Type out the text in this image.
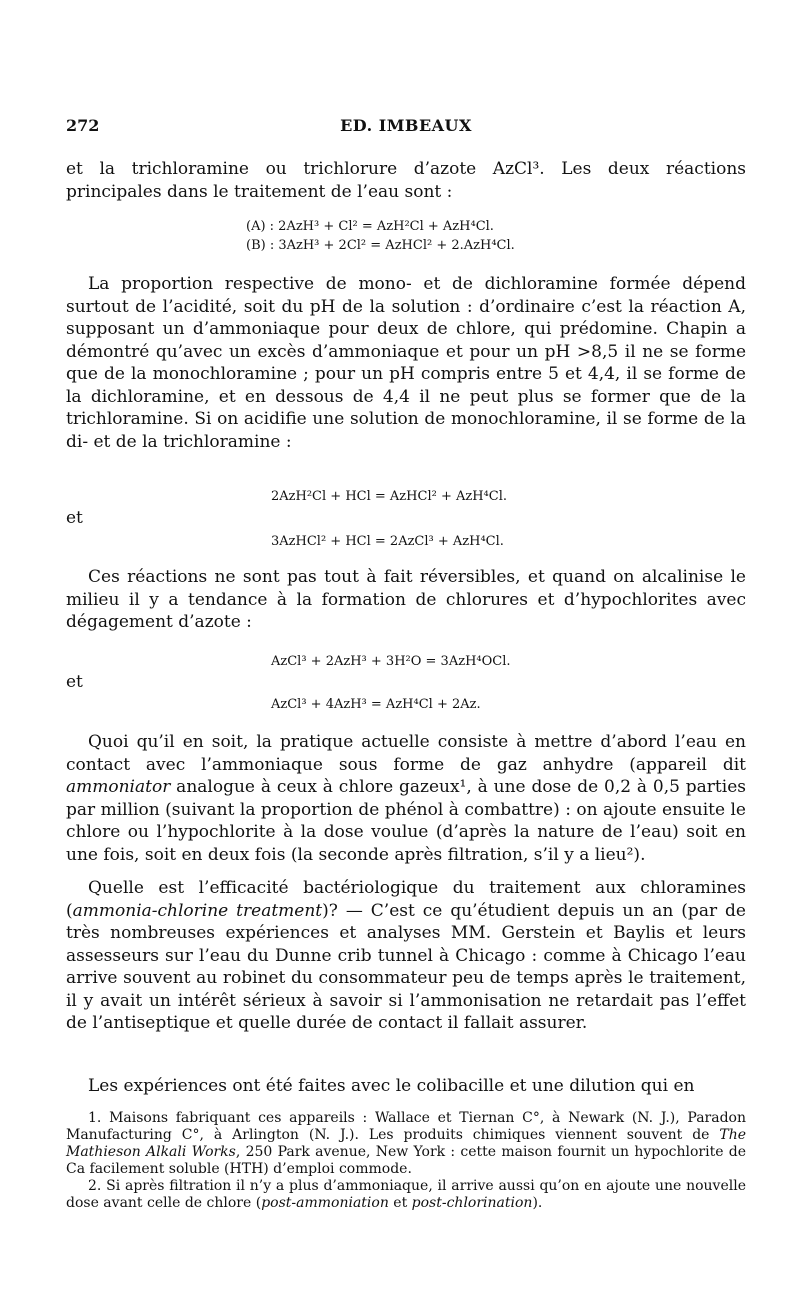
272	ED. IMBEAUX

et la trichloramine ou trichlorure d’azote AzCl³. Les deux réactions principales dans le traitement de l’eau sont :

(A) : 2AzH³ + Cl² = AzH²Cl + AzH⁴Cl.
(B) : 3AzH³ + 2Cl² = AzHCl² + 2.AzH⁴Cl.

La proportion respective de mono- et de dichloramine formée dépend surtout de l’acidité, soit du pH de la solution : d’ordinaire c’est la réaction A, supposant un d’ammoniaque pour deux de chlore, qui prédomine. Chapin a démontré qu’avec un excès d’ammoniaque et pour un pH >8,5 il ne se forme que de la monochloramine ; pour un pH compris entre 5 et 4,4, il se forme de la dichloramine, et en dessous de 4,4 il ne peut plus se former que de la trichloramine. Si on acidifie une solution de monochloramine, il se forme de la di- et de la trichloramine :

2AzH²Cl + HCl = AzHCl² + AzH⁴Cl.
et
3AzHCl² + HCl = 2AzCl³ + AzH⁴Cl.

Ces réactions ne sont pas tout à fait réversibles, et quand on alcalinise le milieu il y a tendance à la formation de chlorures et d’hypochlorites avec dégagement d’azote :

AzCl³ + 2AzH³ + 3H²O = 3AzH⁴OCl.
et
AzCl³ + 4AzH³ = AzH⁴Cl + 2Az.

Quoi qu’il en soit, la pratique actuelle consiste à mettre d’abord l’eau en contact avec l’ammoniaque sous forme de gaz anhydre (appareil dit ammoniator analogue à ceux à chlore gazeux¹, à une dose de 0,2 à 0,5 parties par million (suivant la proportion de phénol à combattre) : on ajoute ensuite le chlore ou l’hypochlorite à la dose voulue (d’après la nature de l’eau) soit en une fois, soit en deux fois (la seconde après filtration, s’il y a lieu²).

Quelle est l’efficacité bactériologique du traitement aux chloramines (ammonia-chlorine treatment)? — C’est ce qu’étudient depuis un an (par de très nombreuses expériences et analyses MM. Gerstein et Baylis et leurs assesseurs sur l’eau du Dunne crib tunnel à Chicago : comme à Chicago l’eau arrive souvent au robinet du consommateur peu de temps après le traitement, il y avait un intérêt sérieux à savoir si l’ammonisation ne retardait pas l’effet de l’antiseptique et quelle durée de contact il fallait assurer.

Les expériences ont été faites avec le colibacille et une dilution qui en

1. Maisons fabriquant ces appareils : Wallace et Tiernan C°, à Newark (N. J.), Paradon Manufacturing C°, à Arlington (N. J.). Les produits chimiques viennent souvent de The Mathieson Alkali Works, 250 Park avenue, New York : cette maison fournit un hypochlorite de Ca facilement soluble (HTH) d’emploi commode.

2. Si après filtration il n’y a plus d’ammoniaque, il arrive aussi qu’on en ajoute une nouvelle dose avant celle de chlore (post-ammoniation et post-chlorination).
